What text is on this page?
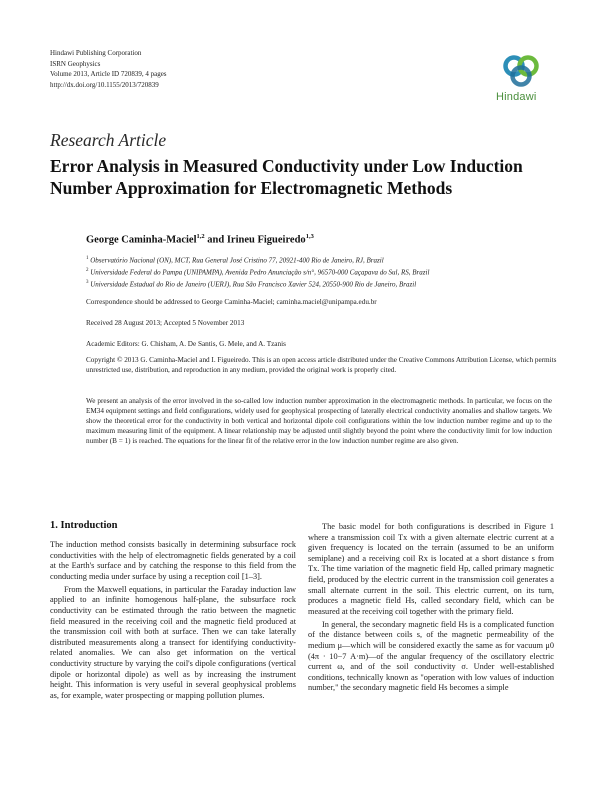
Hindawi Publishing Corporation
ISRN Geophysics
Volume 2013, Article ID 720839, 4 pages
http://dx.doi.org/10.1155/2013/720839
Hindawi
Research Article
Error Analysis in Measured Conductivity under Low Induction Number Approximation for Electromagnetic Methods
George Caminha-Maciel$^{1,2}$ and Irineu Figueiredo$^{1,3}$
$^1$ Observatório Nacional (ON), MCT, Rua General José Cristino 77, 20921-400 Rio de Janeiro, RJ, Brazil
$^2$ Universidade Federal do Pampa (UNIPAMPA), Avenida Pedro Anunciação s/n°, 96570-000 Caçapava do Sul, RS, Brazil
$^3$ Universidade Estadual do Rio de Janeiro (UERJ), Rua São Francisco Xavier 524, 20550-900 Rio de Janeiro, Brazil
Correspondence should be addressed to George Caminha-Maciel; caminha.maciel@unipampa.edu.br
Received 28 August 2013; Accepted 5 November 2013
Academic Editors: G. Chisham, A. De Santis, G. Mele, and A. Tzanis
Copyright © 2013 G. Caminha-Maciel and I. Figueiredo. This is an open access article distributed under the Creative Commons Attribution License, which permits unrestricted use, distribution, and reproduction in any medium, provided the original work is properly cited.
We present an analysis of the error involved in the so-called low induction number approximation in the electromagnetic methods. In particular, we focus on the EM34 equipment settings and field configurations, widely used for geophysical prospecting of laterally electrical conductivity anomalies and shallow targets. We show the theoretical error for the conductivity in both vertical and horizontal dipole coil configurations within the low induction number regime and up to the maximum measuring limit of the equipment. A linear relationship may be adjusted until slightly beyond the point where the conductivity limit for low induction number (B = 1) is reached. The equations for the linear fit of the relative error in the low induction number regime are also given.
1. Introduction

The induction method consists basically in determining subsurface rock conductivities with the help of electromagnetic fields generated by a coil at the Earth's surface and by catching the response to this field from the conducting media under surface by using a reception coil [1–3].

From the Maxwell equations, in particular the Faraday induction law applied to an infinite homogenous half-plane, the subsurface rock conductivity can be estimated through the ratio between the magnetic field measured in the receiving coil and the magnetic field produced at the transmission coil with both at surface. Then we can take laterally distributed measurements along a transect for identifying conductivity-related anomalies. We can also get information on the vertical conductivity structure by varying the coil's dipole configurations (vertical dipole or horizontal dipole) as well as by increasing the instrument height. This information is very useful in several geophysical problems as, for example, water prospecting or mapping pollution plumes.

The basic model for both configurations is described in Figure 1 where a transmission coil Tx with a given alternate electric current at a given frequency is located on the terrain (assumed to be an uniform semiplane) and a receiving coil Rx is located at a short distance s from Tx. The time variation of the magnetic field Hp, called primary magnetic field, produced by the electric current in the transmission coil generates a small alternate current in the soil. This electric current, on its turn, produces a magnetic field Hs, called secondary field, which can be measured at the receiving coil together with the primary field.

In general, the secondary magnetic field Hs is a complicated function of the distance between coils s, of the magnetic permeability of the medium μ—which will be considered exactly the same as for vacuum μ0 (4π · 10−7 A·m)—of the angular frequency of the oscillatory electric current ω, and of the soil conductivity σ. Under well-established conditions, technically known as "operation with low values of induction number," the secondary magnetic field Hs becomes a simple
